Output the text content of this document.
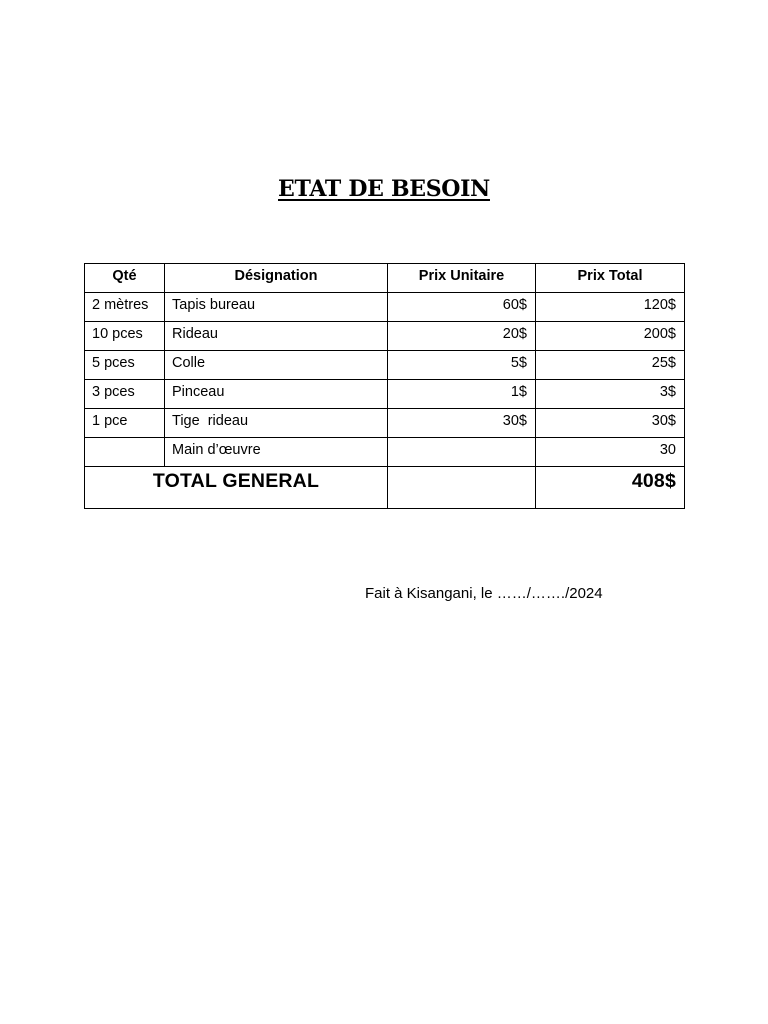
ETAT DE BESOIN
Qté	Désignation	Prix Unitaire	Prix Total
2 mètres	Tapis bureau	60$	120$
10 pces	Rideau	20$	200$
5 pces	Colle	5$	25$
3 pces	Pinceau	1$	3$
1 pce	Tige  rideau	30$	30$
	Main d’œuvre		30
TOTAL GENERAL			408$
Fait à Kisangani, le ……/……./2024
